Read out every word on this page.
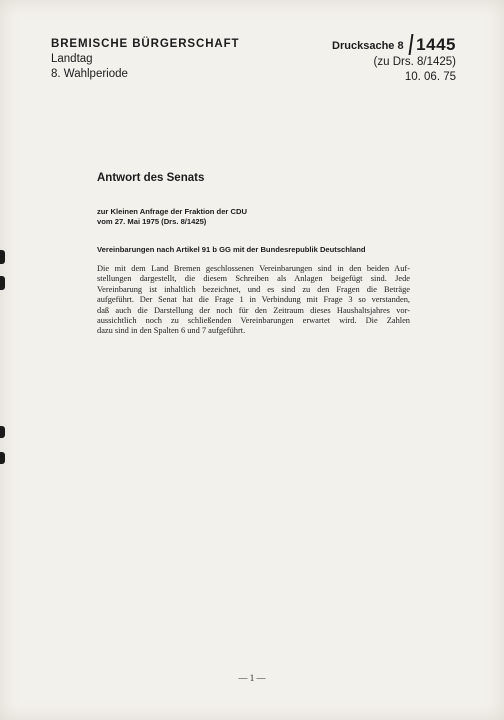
BREMISCHE BÜRGERSCHAFT
Landtag
8. Wahlperiode
Drucksache 8 1445
(zu Drs. 8/1425)
10. 06. 75
Antwort des Senats
zur Kleinen Anfrage der Fraktion der CDU
vom 27. Mai 1975 (Drs. 8/1425)
Vereinbarungen nach Artikel 91 b GG mit der Bundesrepublik Deutschland
Die mit dem Land Bremen geschlossenen Vereinbarungen sind in den beiden Auf-
stellungen dargestellt, die diesem Schreiben als Anlagen beigefügt sind. Jede
Vereinbarung ist inhaltlich bezeichnet, und es sind zu den Fragen die Beträge
aufgeführt. Der Senat hat die Frage 1 in Verbindung mit Frage 3 so verstanden,
daß auch die Darstellung der noch für den Zeitraum dieses Haushaltsjahres vor-
aussichtlich noch zu schließenden Vereinbarungen erwartet wird. Die Zahlen
dazu sind in den Spalten 6 und 7 aufgeführt.
— 1 —
